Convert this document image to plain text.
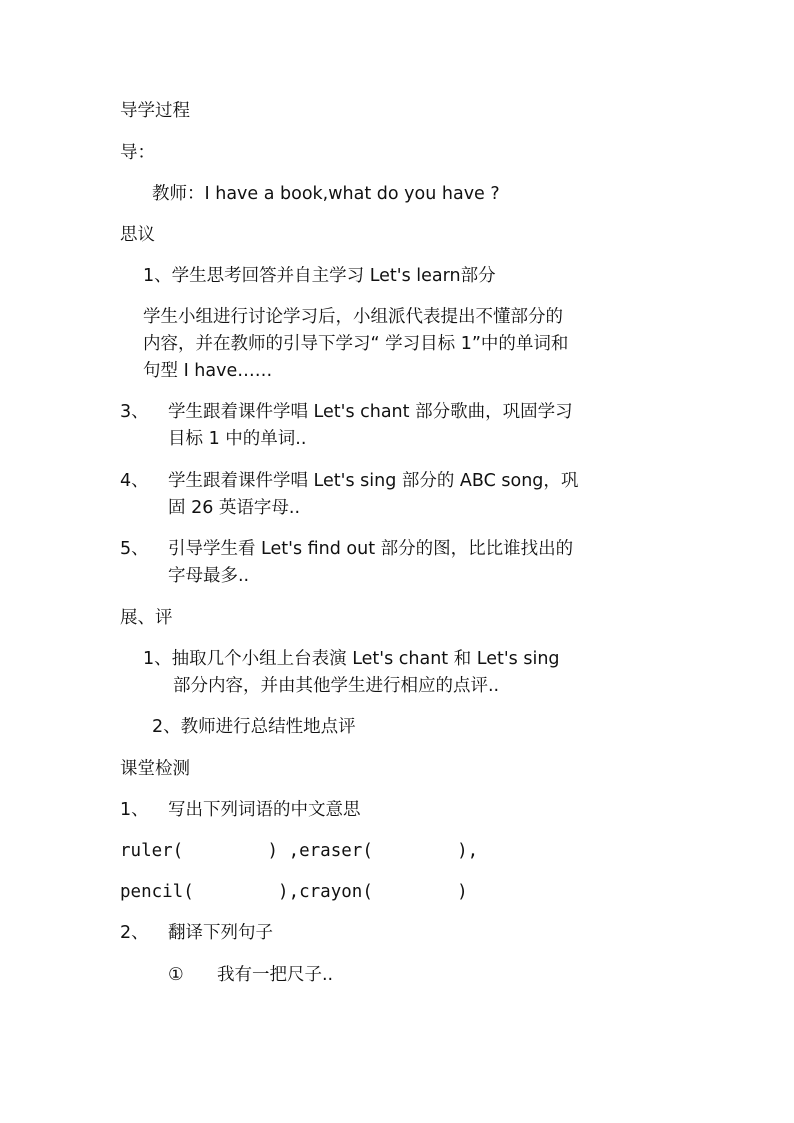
导学过程
导：
教师：I have a book,what do you have ?
思议
1、学生思考回答并自主学习 Let's learn部分
学生小组进行讨论学习后，小组派代表提出不懂部分的
内容，并在教师的引导下学习“ 学习目标 1”中的单词和
句型 I have……
3、 学生跟着课件学唱 Let's chant 部分歌曲，巩固学习
目标 1 中的单词..
4、 学生跟着课件学唱 Let's sing 部分的 ABC song，巩
固 26 英语字母..
5、 引导学生看 Let's find out 部分的图，比比谁找出的
字母最多..
展、评
1、抽取几个小组上台表演 Let's chant 和 Let's sing
部分内容，并由其他学生进行相应的点评..
2、教师进行总结性地点评
课堂检测
1、 写出下列词语的中文意思
ruler(        ) ,eraser(        ),
pencil(        ),crayon(        )
2、 翻译下列句子
① 我有一把尺子..
